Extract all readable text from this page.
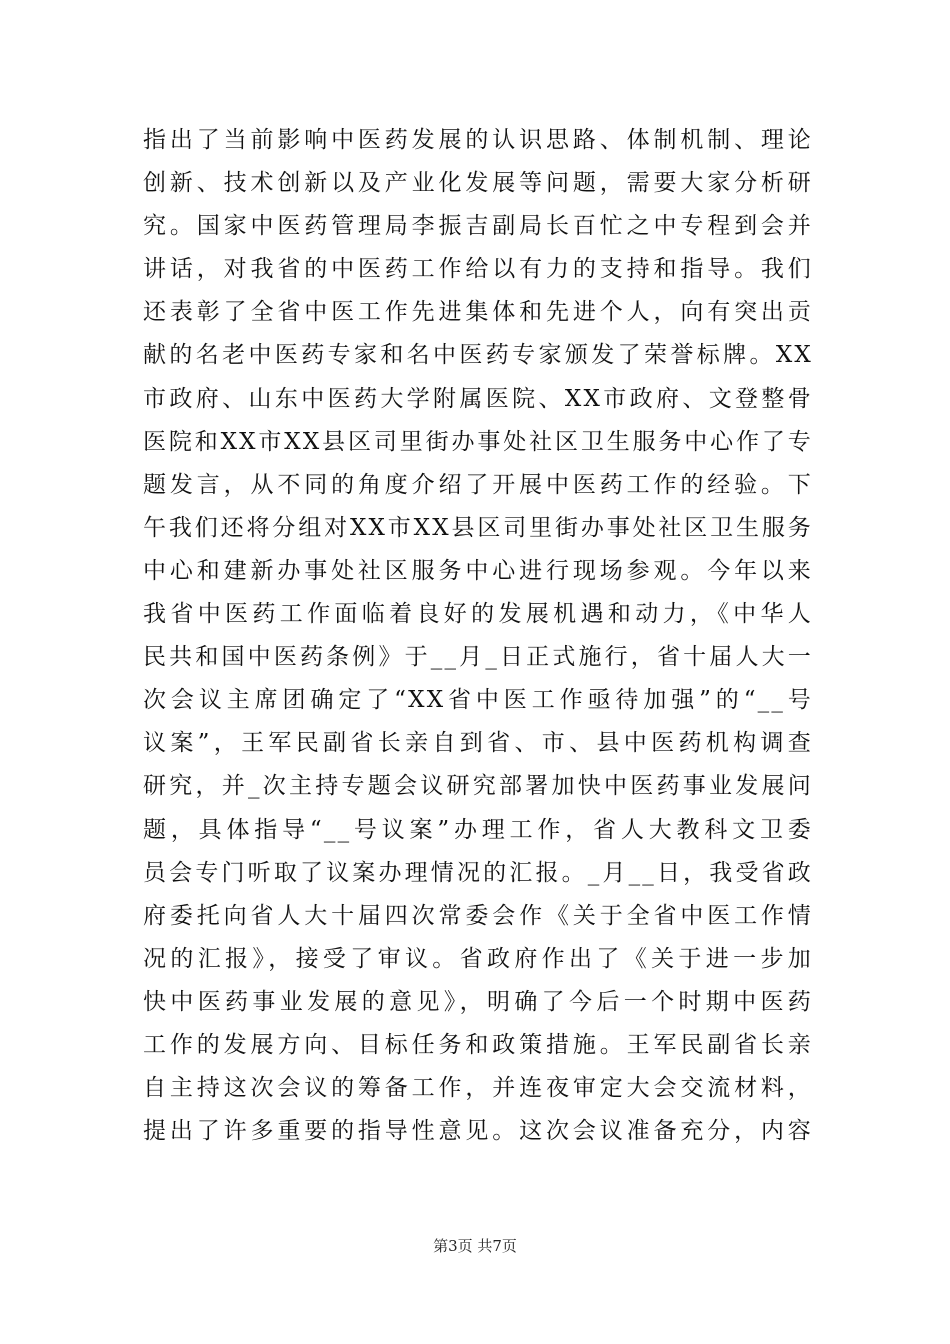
指出了当前影响中医药发展的认识思路、体制机制、理论
创新、技术创新以及产业化发展等问题，需要大家分析研
究。国家中医药管理局李振吉副局长百忙之中专程到会并
讲话，对我省的中医药工作给以有力的支持和指导。我们
还表彰了全省中医工作先进集体和先进个人，向有突出贡
献的名老中医药专家和名中医药专家颁发了荣誉标牌。XX
市政府、山东中医药大学附属医院、XX市政府、文登整骨
医院和XX市XX县区司里街办事处社区卫生服务中心作了专
题发言，从不同的角度介绍了开展中医药工作的经验。下
午我们还将分组对XX市XX县区司里街办事处社区卫生服务
中心和建新办事处社区服务中心进行现场参观。今年以来
我省中医药工作面临着良好的发展机遇和动力，《中华人
民共和国中医药条例》于__月_日正式施行，省十届人大一
次会议主席团确定了“XX省中医工作亟待加强”的“__号
议案”，王军民副省长亲自到省、市、县中医药机构调查
研究，并_次主持专题会议研究部署加快中医药事业发展问
题，具体指导“__号议案”办理工作，省人大教科文卫委
员会专门听取了议案办理情况的汇报。_月__日，我受省政
府委托向省人大十届四次常委会作《关于全省中医工作情
况的汇报》，接受了审议。省政府作出了《关于进一步加
快中医药事业发展的意见》，明确了今后一个时期中医药
工作的发展方向、目标任务和政策措施。王军民副省长亲
自主持这次会议的筹备工作，并连夜审定大会交流材料，
提出了许多重要的指导性意见。这次会议准备充分，内容
第3页 共7页
